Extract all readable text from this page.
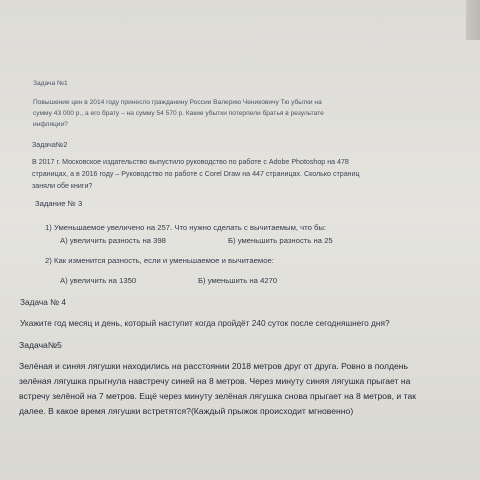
Задача №1
Повышение цен в 2014 году принесло гражданину России Валерию Чениковичу Тю убытки на
сумму 43 000 р., а его брату – на сумму 54 570 р. Какие убытки потерпели братья в результате
инфляции?
Задача№2
В 2017 г. Московское издательство выпустило руководство по работе с Adobe Photoshop на 478
страницах, а в 2016 году – Руководство по работе с Corel Draw на 447 страницах. Сколько страниц
заняли обе книги?
Задание № 3
1) Уменьшаемое увеличено на 257. Что нужно сделать с вычитаемым, что бы:
А) увеличить разность на 398	Б) уменьшить разность на 25
2) Как изменится разность, если и уменьшаемое и вычитаемое:
А) увеличить на 1350	Б) уменьшить на 4270
Задача № 4
Укажите год месяц и день, который наступит когда пройдёт 240 суток после сегодняшнего дня?
Задача№5
Зелёная и синяя лягушки находились на расстоянии 2018 метров друг от друга. Ровно в полдень
зелёная лягушка прыгнула навстречу синей на 8 метров. Через минуту синяя лягушка прыгает на
встречу зелёной на 7 метров. Ещё через минуту зелёная лягушка снова прыгает на 8 метров, и так
далее. В какое время лягушки встретятся?(Каждый прыжок происходит мгновенно)
